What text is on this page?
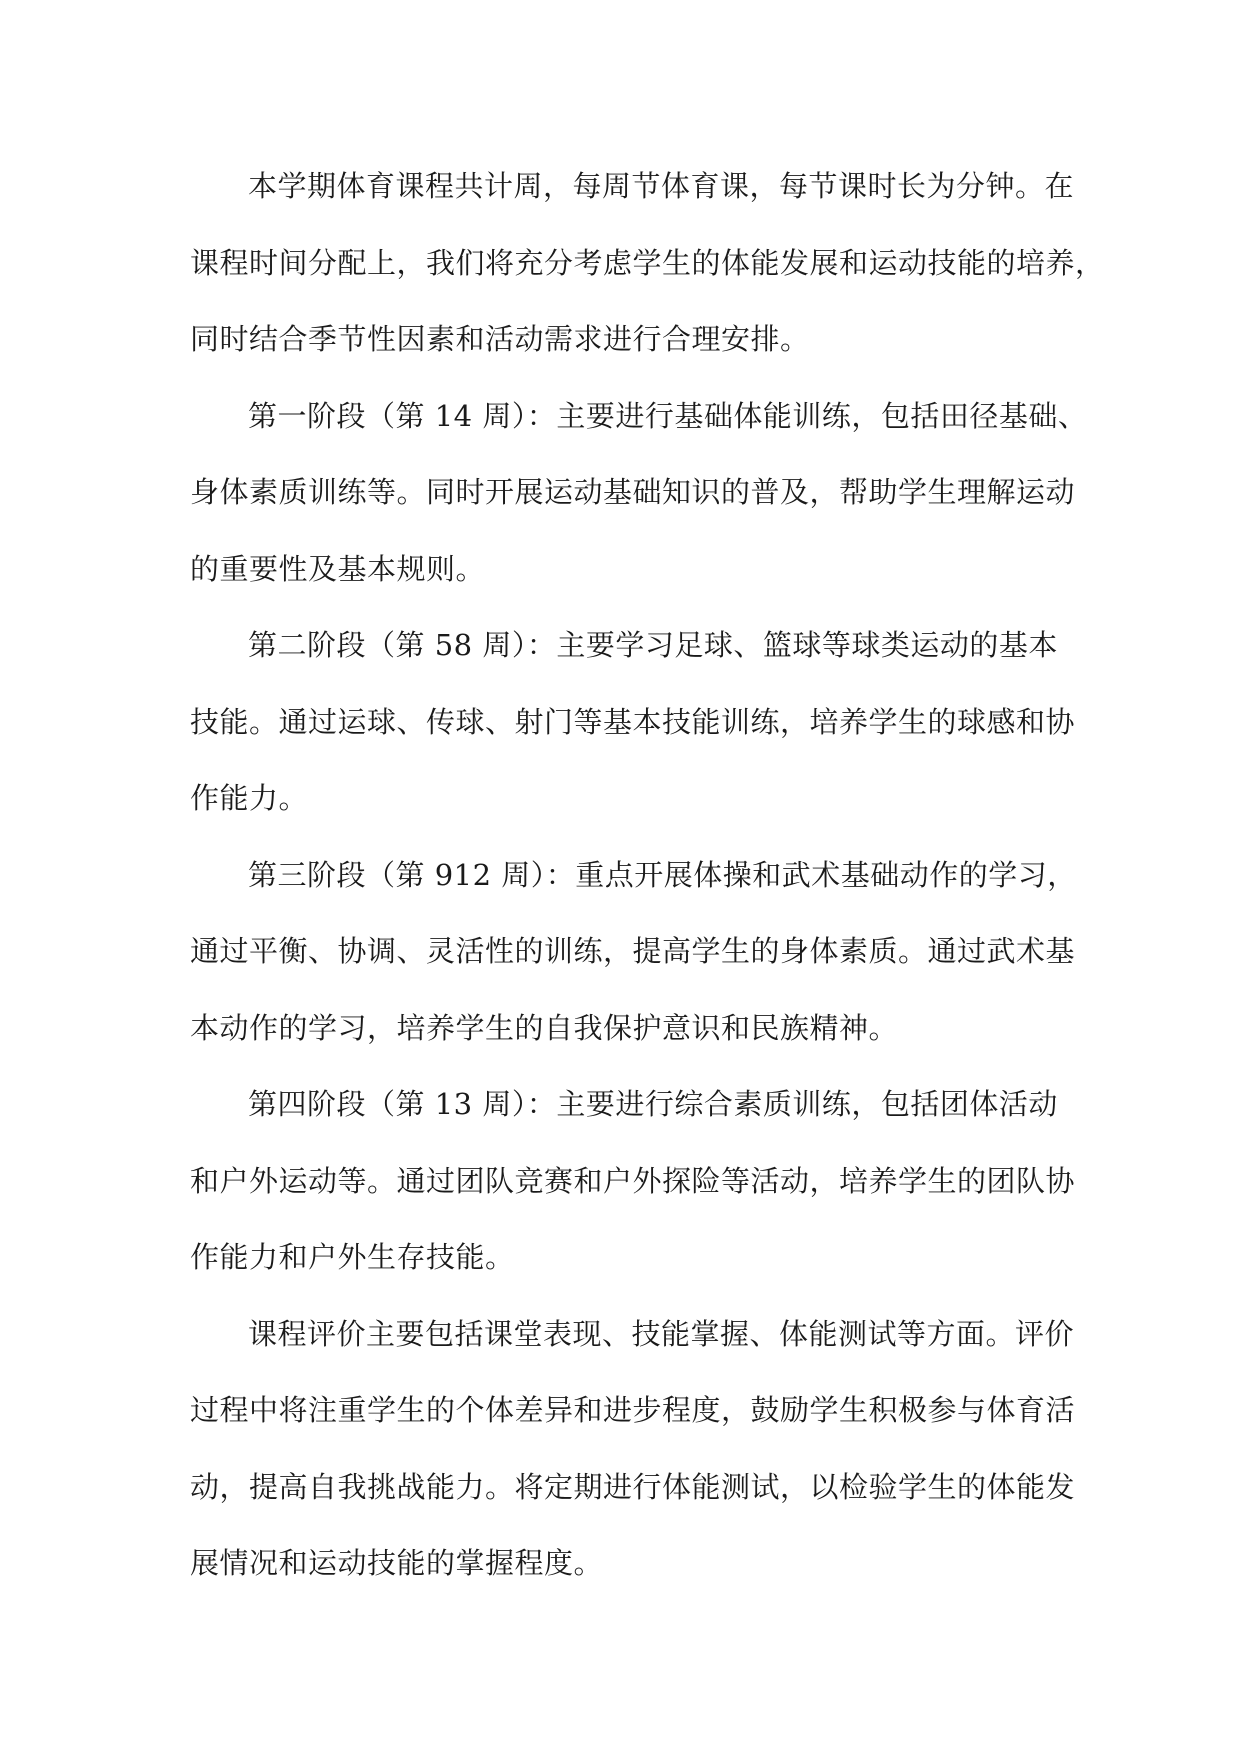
本学期体育课程共计周，每周节体育课，每节课时长为分钟。在
课程时间分配上，我们将充分考虑学生的体能发展和运动技能的培养，
同时结合季节性因素和活动需求进行合理安排。

第一阶段（第 14 周）：主要进行基础体能训练，包括田径基础、
身体素质训练等。同时开展运动基础知识的普及，帮助学生理解运动
的重要性及基本规则。

第二阶段（第 58 周）：主要学习足球、篮球等球类运动的基本
技能。通过运球、传球、射门等基本技能训练，培养学生的球感和协
作能力。

第三阶段（第 912 周）：重点开展体操和武术基础动作的学习，
通过平衡、协调、灵活性的训练，提高学生的身体素质。通过武术基
本动作的学习，培养学生的自我保护意识和民族精神。

第四阶段（第 13 周）：主要进行综合素质训练，包括团体活动
和户外运动等。通过团队竞赛和户外探险等活动，培养学生的团队协
作能力和户外生存技能。

课程评价主要包括课堂表现、技能掌握、体能测试等方面。评价
过程中将注重学生的个体差异和进步程度，鼓励学生积极参与体育活
动，提高自我挑战能力。将定期进行体能测试，以检验学生的体能发
展情况和运动技能的掌握程度。
